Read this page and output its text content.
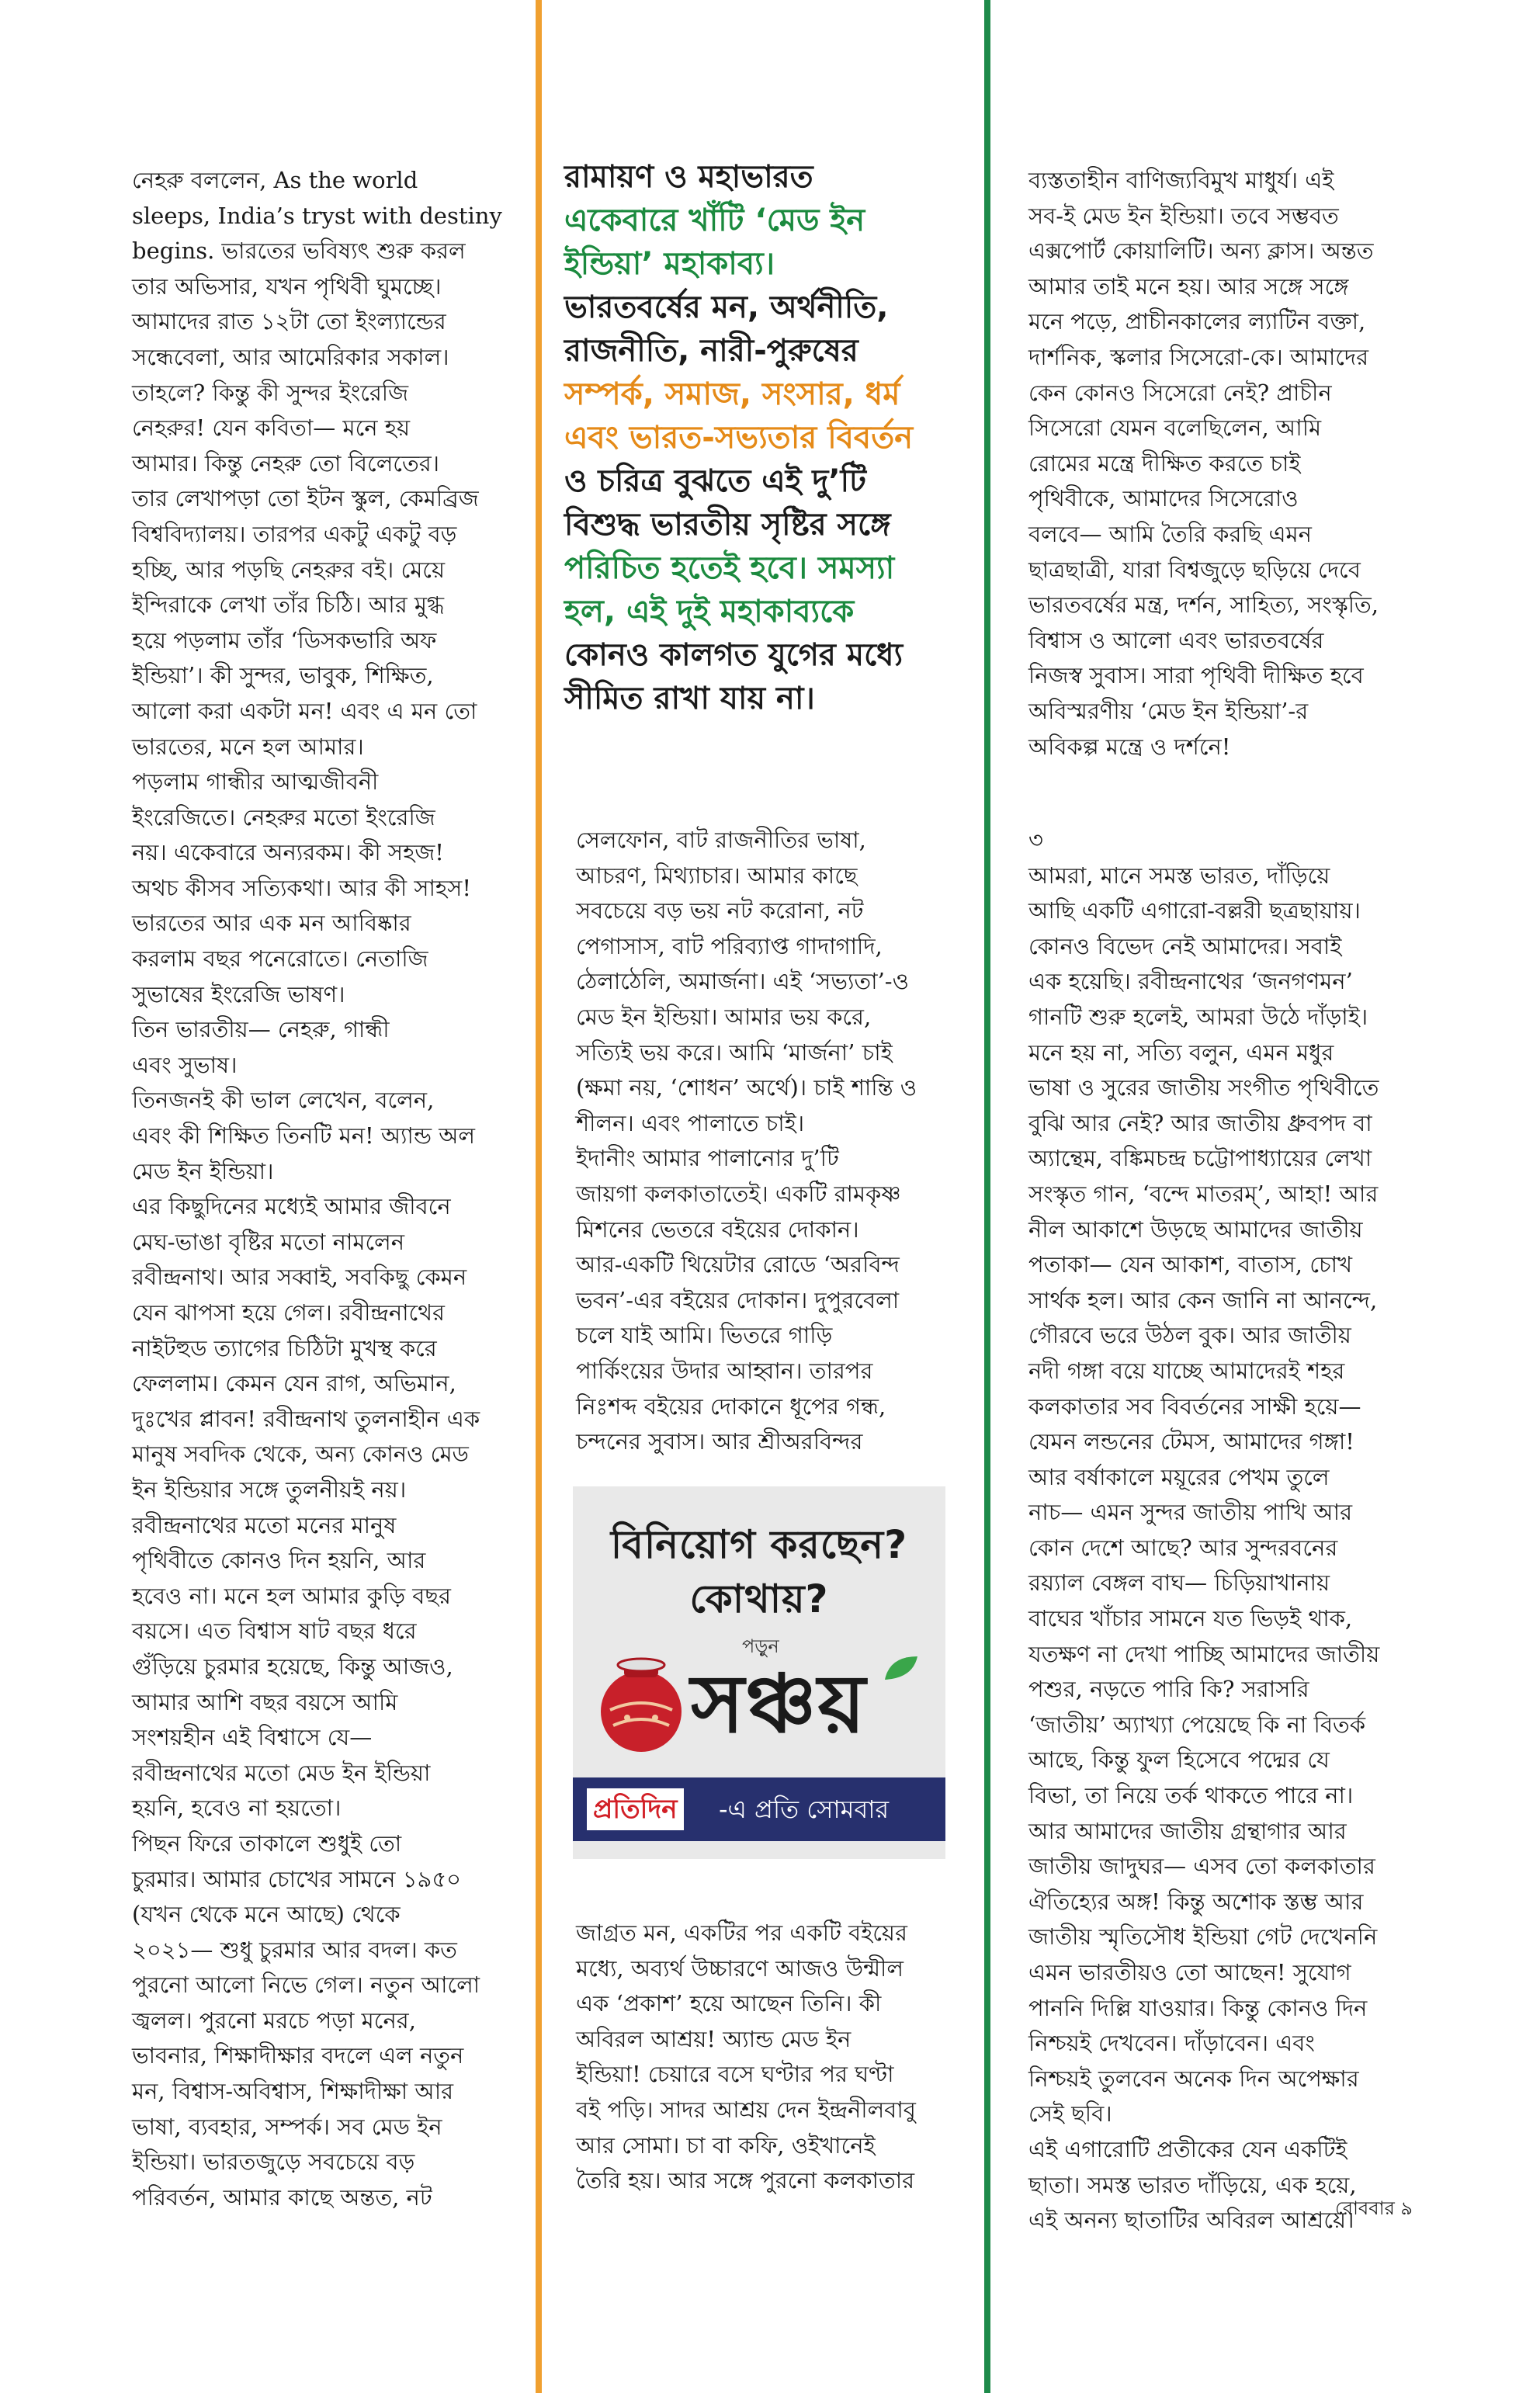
নেহরু বললেন, As the world

sleeps, India’s tryst with destiny

begins. ভারতের ভবিষ্যৎ শুরু করল

তার অভিসার, যখন পৃথিবী ঘুমচ্ছে।

আমাদের রাত ১২টা তো ইংল্যান্ডের

সন্ধেবেলা, আর আমেরিকার সকাল।

তাহলে? কিন্তু কী সুন্দর ইংরেজি

নেহরুর! যেন কবিতা— মনে হয়

আমার। কিন্তু নেহরু তো বিলেতের।

তার লেখাপড়া তো ইটন স্কুল, কেমব্রিজ

বিশ্ববিদ্যালয়। তারপর একটু একটু বড়

হচ্ছি, আর পড়ছি নেহরুর বই। মেয়ে

ইন্দিরাকে লেখা তাঁর চিঠি। আর মুগ্ধ

হয়ে পড়লাম তাঁর ‘ডিসকভারি অফ

ইন্ডিয়া’। কী সুন্দর, ভাবুক, শিক্ষিত,

আলো করা একটা মন! এবং এ মন তো

ভারতের, মনে হল আমার।

পড়লাম গান্ধীর আত্মজীবনী

ইংরেজিতে। নেহরুর মতো ইংরেজি

নয়। একেবারে অন্যরকম। কী সহজ!

অথচ কীসব সত্যিকথা। আর কী সাহস!

ভারতের আর এক মন আবিষ্কার

করলাম বছর পনেরোতে। নেতাজি

সুভাষের ইংরেজি ভাষণ।

তিন ভারতীয়— নেহরু, গান্ধী

এবং সুভাষ।

তিনজনই কী ভাল লেখেন, বলেন,

এবং কী শিক্ষিত তিনটি মন! অ্যান্ড অল

মেড ইন ইন্ডিয়া।

এর কিছুদিনের মধ্যেই আমার জীবনে

মেঘ-ভাঙা বৃষ্টির মতো নামলেন

রবীন্দ্রনাথ। আর সব্বাই, সবকিছু কেমন

যেন ঝাপসা হয়ে গেল। রবীন্দ্রনাথের

নাইটহুড ত্যাগের চিঠিটা মুখস্থ করে

ফেললাম। কেমন যেন রাগ, অভিমান,

দুঃখের প্লাবন! রবীন্দ্রনাথ তুলনাহীন এক

মানুষ সবদিক থেকে, অন্য কোনও মেড

ইন ইন্ডিয়ার সঙ্গে তুলনীয়ই নয়।

রবীন্দ্রনাথের মতো মনের মানুষ

পৃথিবীতে কোনও দিন হয়নি, আর

হবেও না। মনে হল আমার কুড়ি বছর

বয়সে। এত বিশ্বাস ষাট বছর ধরে

গুঁড়িয়ে চুরমার হয়েছে, কিন্তু আজও,

আমার আশি বছর বয়সে আমি

সংশয়হীন এই বিশ্বাসে যে—

রবীন্দ্রনাথের মতো মেড ইন ইন্ডিয়া

হয়নি, হবেও না হয়তো।

পিছন ফিরে তাকালে শুধুই তো

চুরমার। আমার চোখের সামনে ১৯৫০

(যখন থেকে মনে আছে) থেকে

২০২১— শুধু চুরমার আর বদল। কত

পুরনো আলো নিভে গেল। নতুন আলো

জ্বলল। পুরনো মরচে পড়া মনের,

ভাবনার, শিক্ষাদীক্ষার বদলে এল নতুন

মন, বিশ্বাস-অবিশ্বাস, শিক্ষাদীক্ষা আর

ভাষা, ব্যবহার, সম্পর্ক। সব মেড ইন

ইন্ডিয়া। ভারতজুড়ে সবচেয়ে বড়

পরিবর্তন, আমার কাছে অন্তত, নট

রামায়ণ ও মহাভারত

একেবারে খাঁটি ‘মেড ইন

ইন্ডিয়া’ মহাকাব্য।

ভারতবর্ষের মন, অর্থনীতি,

রাজনীতি, নারী-পুরুষের

সম্পর্ক, সমাজ, সংসার, ধর্ম

এবং ভারত-সভ্যতার বিবর্তন

ও চরিত্র বুঝতে এই দু’টি

বিশুদ্ধ ভারতীয় সৃষ্টির সঙ্গে

পরিচিত হতেই হবে। সমস্যা

হল, এই দুই মহাকাব্যকে

কোনও কালগত যুগের মধ্যে

সীমিত রাখা যায় না।

সেলফোন, বাট রাজনীতির ভাষা,

আচরণ, মিথ্যাচার। আমার কাছে

সবচেয়ে বড় ভয় নট করোনা, নট

পেগাসাস, বাট পরিব্যাপ্ত গাদাগাদি,

ঠেলাঠেলি, অমার্জনা। এই ‘সভ্যতা’-ও

মেড ইন ইন্ডিয়া। আমার ভয় করে,

সত্যিই ভয় করে। আমি ‘মার্জনা’ চাই

(ক্ষমা নয়, ‘শোধন’ অর্থে)। চাই শান্তি ও

শীলন। এবং পালাতে চাই।

ইদানীং আমার পালানোর দু’টি

জায়গা কলকাতাতেই। একটি রামকৃষ্ণ

মিশনের ভেতরে বইয়ের দোকান।

আর-একটি থিয়েটার রোডে ‘অরবিন্দ

ভবন’-এর বইয়ের দোকান। দুপুরবেলা

চলে যাই আমি। ভিতরে গাড়ি

পার্কিংয়ের উদার আহ্বান। তারপর

নিঃশব্দ বইয়ের দোকানে ধূপের গন্ধ,

চন্দনের সুবাস। আর শ্রীঅরবিন্দর

বিনিয়োগ করছেন?
কোথায়?
পড়ুন
সঞ্চয়
প্রতিদিন -এ প্রতি সোমবার

জাগ্রত মন, একটির পর একটি বইয়ের

মধ্যে, অব্যর্থ উচ্চারণে আজও উন্মীল

এক ‘প্রকাশ’ হয়ে আছেন তিনি। কী

অবিরল আশ্রয়! অ্যান্ড মেড ইন

ইন্ডিয়া! চেয়ারে বসে ঘণ্টার পর ঘণ্টা

বই পড়ি। সাদর আশ্রয় দেন ইন্দ্রনীলবাবু

আর সোমা। চা বা কফি, ওইখানেই

তৈরি হয়। আর সঙ্গে পুরনো কলকাতার

ব্যস্ততাহীন বাণিজ্যবিমুখ মাধুর্য। এই

সব-ই মেড ইন ইন্ডিয়া। তবে সম্ভবত

এক্সপোর্ট কোয়ালিটি। অন্য ক্লাস। অন্তত

আমার তাই মনে হয়। আর সঙ্গে সঙ্গে

মনে পড়ে, প্রাচীনকালের ল্যাটিন বক্তা,

দার্শনিক, স্কলার সিসেরো-কে। আমাদের

কেন কোনও সিসেরো নেই? প্রাচীন

সিসেরো যেমন বলেছিলেন, আমি

রোমের মন্ত্রে দীক্ষিত করতে চাই

পৃথিবীকে, আমাদের সিসেরোও

বলবে— আমি তৈরি করছি এমন

ছাত্রছাত্রী, যারা বিশ্বজুড়ে ছড়িয়ে দেবে

ভারতবর্ষের মন্ত্র, দর্শন, সাহিত্য, সংস্কৃতি,

বিশ্বাস ও আলো এবং ভারতবর্ষের

নিজস্ব সুবাস। সারা পৃথিবী দীক্ষিত হবে

অবিস্মরণীয় ‘মেড ইন ইন্ডিয়া’-র

অবিকল্প মন্ত্রে ও দর্শনে!

৩

আমরা, মানে সমস্ত ভারত, দাঁড়িয়ে

আছি একটি এগারো-বল্লরী ছত্রছায়ায়।

কোনও বিভেদ নেই আমাদের। সবাই

এক হয়েছি। রবীন্দ্রনাথের ‘জনগণমন’

গানটি শুরু হলেই, আমরা উঠে দাঁড়াই।

মনে হয় না, সত্যি বলুন, এমন মধুর

ভাষা ও সুরের জাতীয় সংগীত পৃথিবীতে

বুঝি আর নেই? আর জাতীয় ধ্রুবপদ বা

অ্যান্থেম, বঙ্কিমচন্দ্র চট্টোপাধ্যায়ের লেখা

সংস্কৃত গান, ‘বন্দে মাতরম্’, আহা! আর

নীল আকাশে উড়ছে আমাদের জাতীয়

পতাকা— যেন আকাশ, বাতাস, চোখ

সার্থক হল। আর কেন জানি না আনন্দে,

গৌরবে ভরে উঠল বুক। আর জাতীয়

নদী গঙ্গা বয়ে যাচ্ছে আমাদেরই শহর

কলকাতার সব বিবর্তনের সাক্ষী হয়ে—

যেমন লন্ডনের টেমস, আমাদের গঙ্গা!

আর বর্ষাকালে ময়ূরের পেখম তুলে

নাচ— এমন সুন্দর জাতীয় পাখি আর

কোন দেশে আছে? আর সুন্দরবনের

রয়্যাল বেঙ্গল বাঘ— চিড়িয়াখানায়

বাঘের খাঁচার সামনে যত ভিড়ই থাক,

যতক্ষণ না দেখা পাচ্ছি আমাদের জাতীয়

পশুর, নড়তে পারি কি? সরাসরি

‘জাতীয়’ অ্যাখ্যা পেয়েছে কি না বিতর্ক

আছে, কিন্তু ফুল হিসেবে পদ্মের যে

বিভা, তা নিয়ে তর্ক থাকতে পারে না।

আর আমাদের জাতীয় গ্রন্থাগার আর

জাতীয় জাদুঘর— এসব তো কলকাতার

ঐতিহ্যের অঙ্গ! কিন্তু অশোক স্তম্ভ আর

জাতীয় স্মৃতিসৌধ ইন্ডিয়া গেট দেখেননি

এমন ভারতীয়ও তো আছেন! সুযোগ

পাননি দিল্লি যাওয়ার। কিন্তু কোনও দিন

নিশ্চয়ই দেখবেন। দাঁড়াবেন। এবং

নিশ্চয়ই তুলবেন অনেক দিন অপেক্ষার

সেই ছবি।

এই এগারোটি প্রতীকের যেন একটিই

ছাতা। সমস্ত ভারত দাঁড়িয়ে, এক হয়ে,

এই অনন্য ছাতাটির অবিরল আশ্রয়ে।

রোববার ৯
